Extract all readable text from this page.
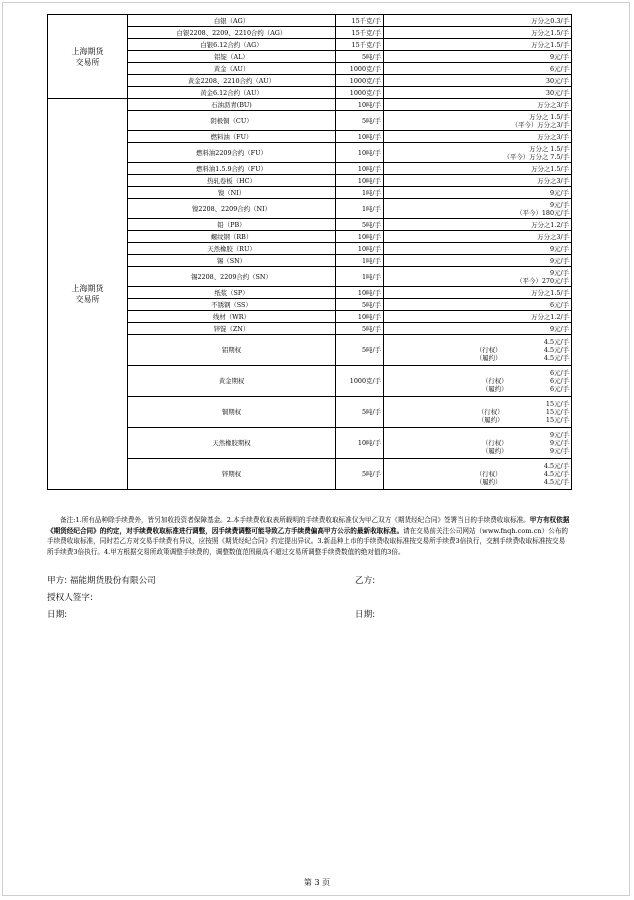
上海期货
交易所	白银（AG）	15千克/手	万分之0.3/手

	白银2208、2209、2210合约（AG）	15千克/手	万分之1.5/手

	白银6.12合约（AG）	15千克/手	万分之1.5/手

	铝锭（AL）	5吨/手	9元/手

	黄金（AU）	1000克/手	6元/手

	黄金2208、2210合约（AU）	1000克/手	30元/手

	黄金6.12合约（AU）	1000克/手	30元/手

上海期货
交易所	石油沥青(BU)	10吨/手	万分之3/手

	阴极铜（CU）	5吨/手	万分之 1.5/手
（平今）万分之3/手

	燃料油（FU）	10吨/手	万分之3/手

	燃料油2209合约（FU）	10吨/手	万分之 1.5/手
（平今）万分之 7.5/手

	燃料油1.5.9合约（FU）	10吨/手	万分之1.5/手

	热轧卷板（HC）	10吨/手	万分之3/手

	镍（NI）	1吨/手	9元/手

	镍2208、2209合约（NI）	1吨/手	9元/手
（平今）180元/手

	铅（PB）	5吨/手	万分之1.2/手

	螺纹钢（RB）	10吨/手	万分之3/手

	天然橡胶（RU）	10吨/手	9元/手

	锡（SN）	1吨/手	9元/手

	锡2208、2209合约（SN）	1吨/手	9元/手
（平今）270元/手

	纸浆（SP）	10吨/手	万分之1.5/手

	不锈钢（SS）	5吨/手	6元/手

	线材（WR）	10吨/手	万分之1.2/手

	锌锭（ZN）	5吨/手	9元/手

	铝期权	5吨/手	4.5元/手
（行权） 4.5元/手
（履约） 4.5元/手

	黄金期权	1000克/手	6元/手
（行权） 6元/手
（履约） 6元/手

	铜期权	5吨/手	15元/手
（行权） 15元/手
（履约） 15元/手

	天然橡胶期权	10吨/手	9元/手
（行权） 9元/手
（履约） 9元/手

	锌期权	5吨/手	4.5元/手
（行权） 4.5元/手
（履约） 4.5元/手
备注:1.所有品种除手续费外，皆另加收投资者保障基金。2.本手续费收取表所载明的手续费收取标准仅为甲乙双方《期货经纪合同》签署当日的手续费收取标准。甲方有权依据《期货经纪合同》的约定，对手续费收取标准进行调整，因手续费调整可能导致乙方手续费偏高甲方公示的最新收取标准。请在交易前关注公司网站（www.fnqh.com.cn）公布的手续费收取标准，同时若乙方对交易手续费有异议，应按照《期货经纪合同》约定提出异议。3.新品种上市的手续费收取标准按交易所手续费3倍执行，交割手续费收取标准按交易所手续费3倍执行。4.甲方根据交易所政策调整手续费的，调整数值范围最高不超过交易所调整手续费数值的绝对值的3倍。
甲方: 福能期货股份有限公司	乙方:
授权人签字:
日期:	日期:
第 3 页
